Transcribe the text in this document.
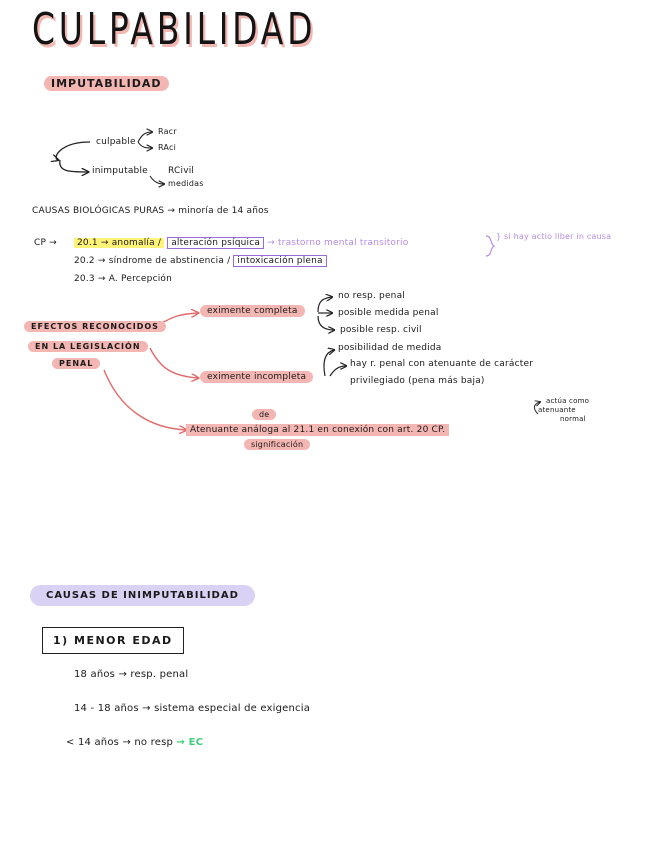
CULPABILIDAD
IMPUTABILIDAD
culpable
Racr
RAci
inimputable RCivil
medidas
CAUSAS BIOLÓGICAS PURAS → minoría de 14 años
CP →	20.1 → anomalía / alteración psíquica → trastorno mental transitorio
} si hay actio liber in causa
20.2 → síndrome de abstinencia / intoxicación plena
20.3 → A. Percepción
EFECTOS RECONOCIDOS
EN LA LEGISLACIÓN
PENAL
eximente completa
no resp. penal
posible medida penal
posible resp. civil
eximente incompleta
posibilidad de medida
hay r. penal con atenuante de carácter
privilegiado (pena más baja)
de
Atenuante análoga al 21.1 en conexión con art. 20 CP.
significación
actúa como
atenuante
normal
CAUSAS DE INIMPUTABILIDAD
1) MENOR EDAD
18 años → resp. penal
14 - 18 años → sistema especial de exigencia
< 14 años → no resp → EC
